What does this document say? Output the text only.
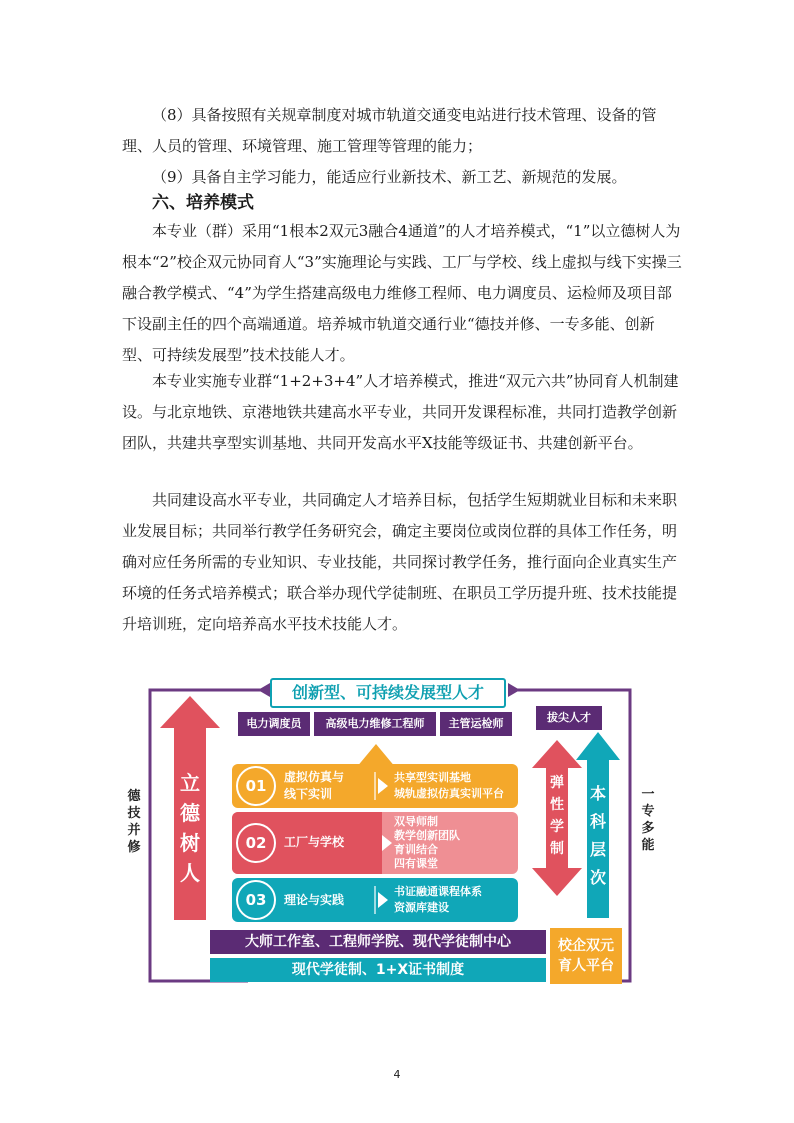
（8）具备按照有关规章制度对城市轨道交通变电站进行技术管理、设备的管理、人员的管理、环境管理、施工管理等管理的能力；

（9）具备自主学习能力，能适应行业新技术、新工艺、新规范的发展。

六、培养模式

本专业（群）采用“1根本2双元3融合4通道”的人才培养模式，“1”以立德树人为根本“2”校企双元协同育人“3”实施理论与实践、工厂与学校、线上虚拟与线下实操三融合教学模式、“4”为学生搭建高级电力维修工程师、电力调度员、运检师及项目部下设副主任的四个高端通道。培养城市轨道交通行业“德技并修、一专多能、创新型、可持续发展型”技术技能人才。

本专业实施专业群“1+2+3+4”人才培养模式，推进“双元六共”协同育人机制建设。与北京地铁、京港地铁共建高水平专业，共同开发课程标准，共同打造教学创新团队，共建共享型实训基地、共同开发高水平X技能等级证书、共建创新平台。

共同建设高水平专业，共同确定人才培养目标，包括学生短期就业目标和未来职业发展目标；共同举行教学任务研究会，确定主要岗位或岗位群的具体工作任务，明确对应任务所需的专业知识、专业技能，共同探讨教学任务，推行面向企业真实生产环境的任务式培养模式；联合举办现代学徒制班、在职员工学历提升班、技术技能提升培训班，定向培养高水平技术技能人才。

创新型、可持续发展型人才
电力调度员	高级电力维修工程师	主管运检师	拔尖人才
德技并修
一专多能
立德树人
01	虚拟仿真与
线下实训
共享型实训基地
城轨虚拟仿真实训平台
02	工厂与学校
双导师制
教学创新团队
育训结合
四有课堂
03	理论与实践
书证融通课程体系
资源库建设
弹性学制
本科层次
大师工作室、工程师学院、现代学徒制中心
现代学徒制、1+X证书制度
校企双元
育人平台
4
